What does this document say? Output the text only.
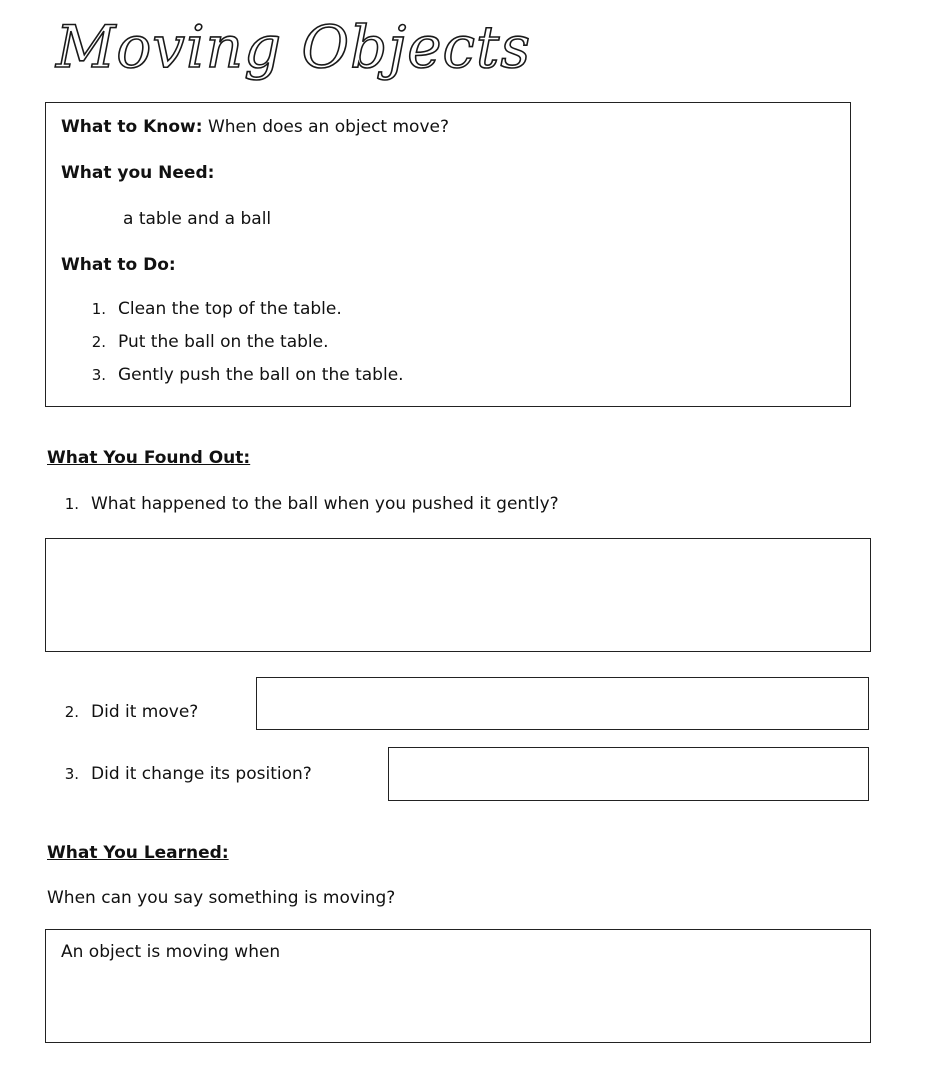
Moving Objects
What to Know: When does an object move?
What you Need:
a table and a ball
What to Do:
1. Clean the top of the table.
2. Put the ball on the table.
3. Gently push the ball on the table.
What You Found Out:
1. What happened to the ball when you pushed it gently?
2. Did it move?
3. Did it change its position?
What You Learned:
When can you say something is moving?
An object is moving when
